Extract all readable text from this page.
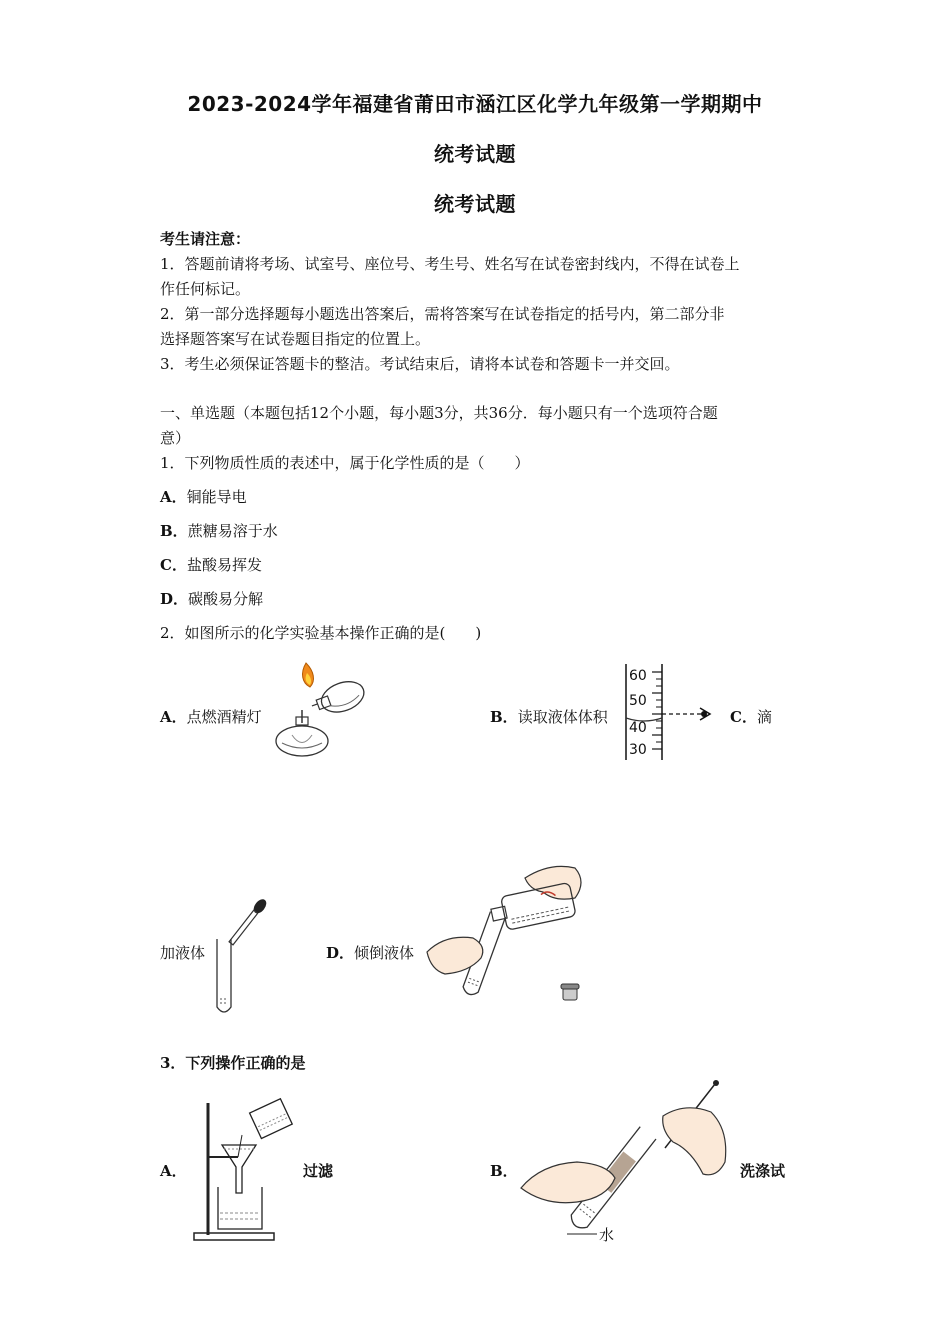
2023-2024学年福建省莆田市涵江区化学九年级第一学期期中
统考试题
统考试题
考生请注意：
1．答题前请将考场、试室号、座位号、考生号、姓名写在试卷密封线内，不得在试卷上
作任何标记。
2．第一部分选择题每小题选出答案后，需将答案写在试卷指定的括号内，第二部分非
选择题答案写在试卷题目指定的位置上。
3．考生必须保证答题卡的整洁。考试结束后，请将本试卷和答题卡一并交回。
一、单选题（本题包括12个小题，每小题3分，共36分．每小题只有一个选项符合题
意）
1．下列物质性质的表述中，属于化学性质的是（　　）
A．铜能导电
B．蔗糖易溶于水
C．盐酸易挥发
D．碳酸易分解
2．如图所示的化学实验基本操作正确的是(　　)
A．点燃酒精灯	B．读取液体体积
60
50
40
30
C．滴
加液体	D．倾倒液体
3．下列操作正确的是
A．	过滤	B．	洗涤试
水
